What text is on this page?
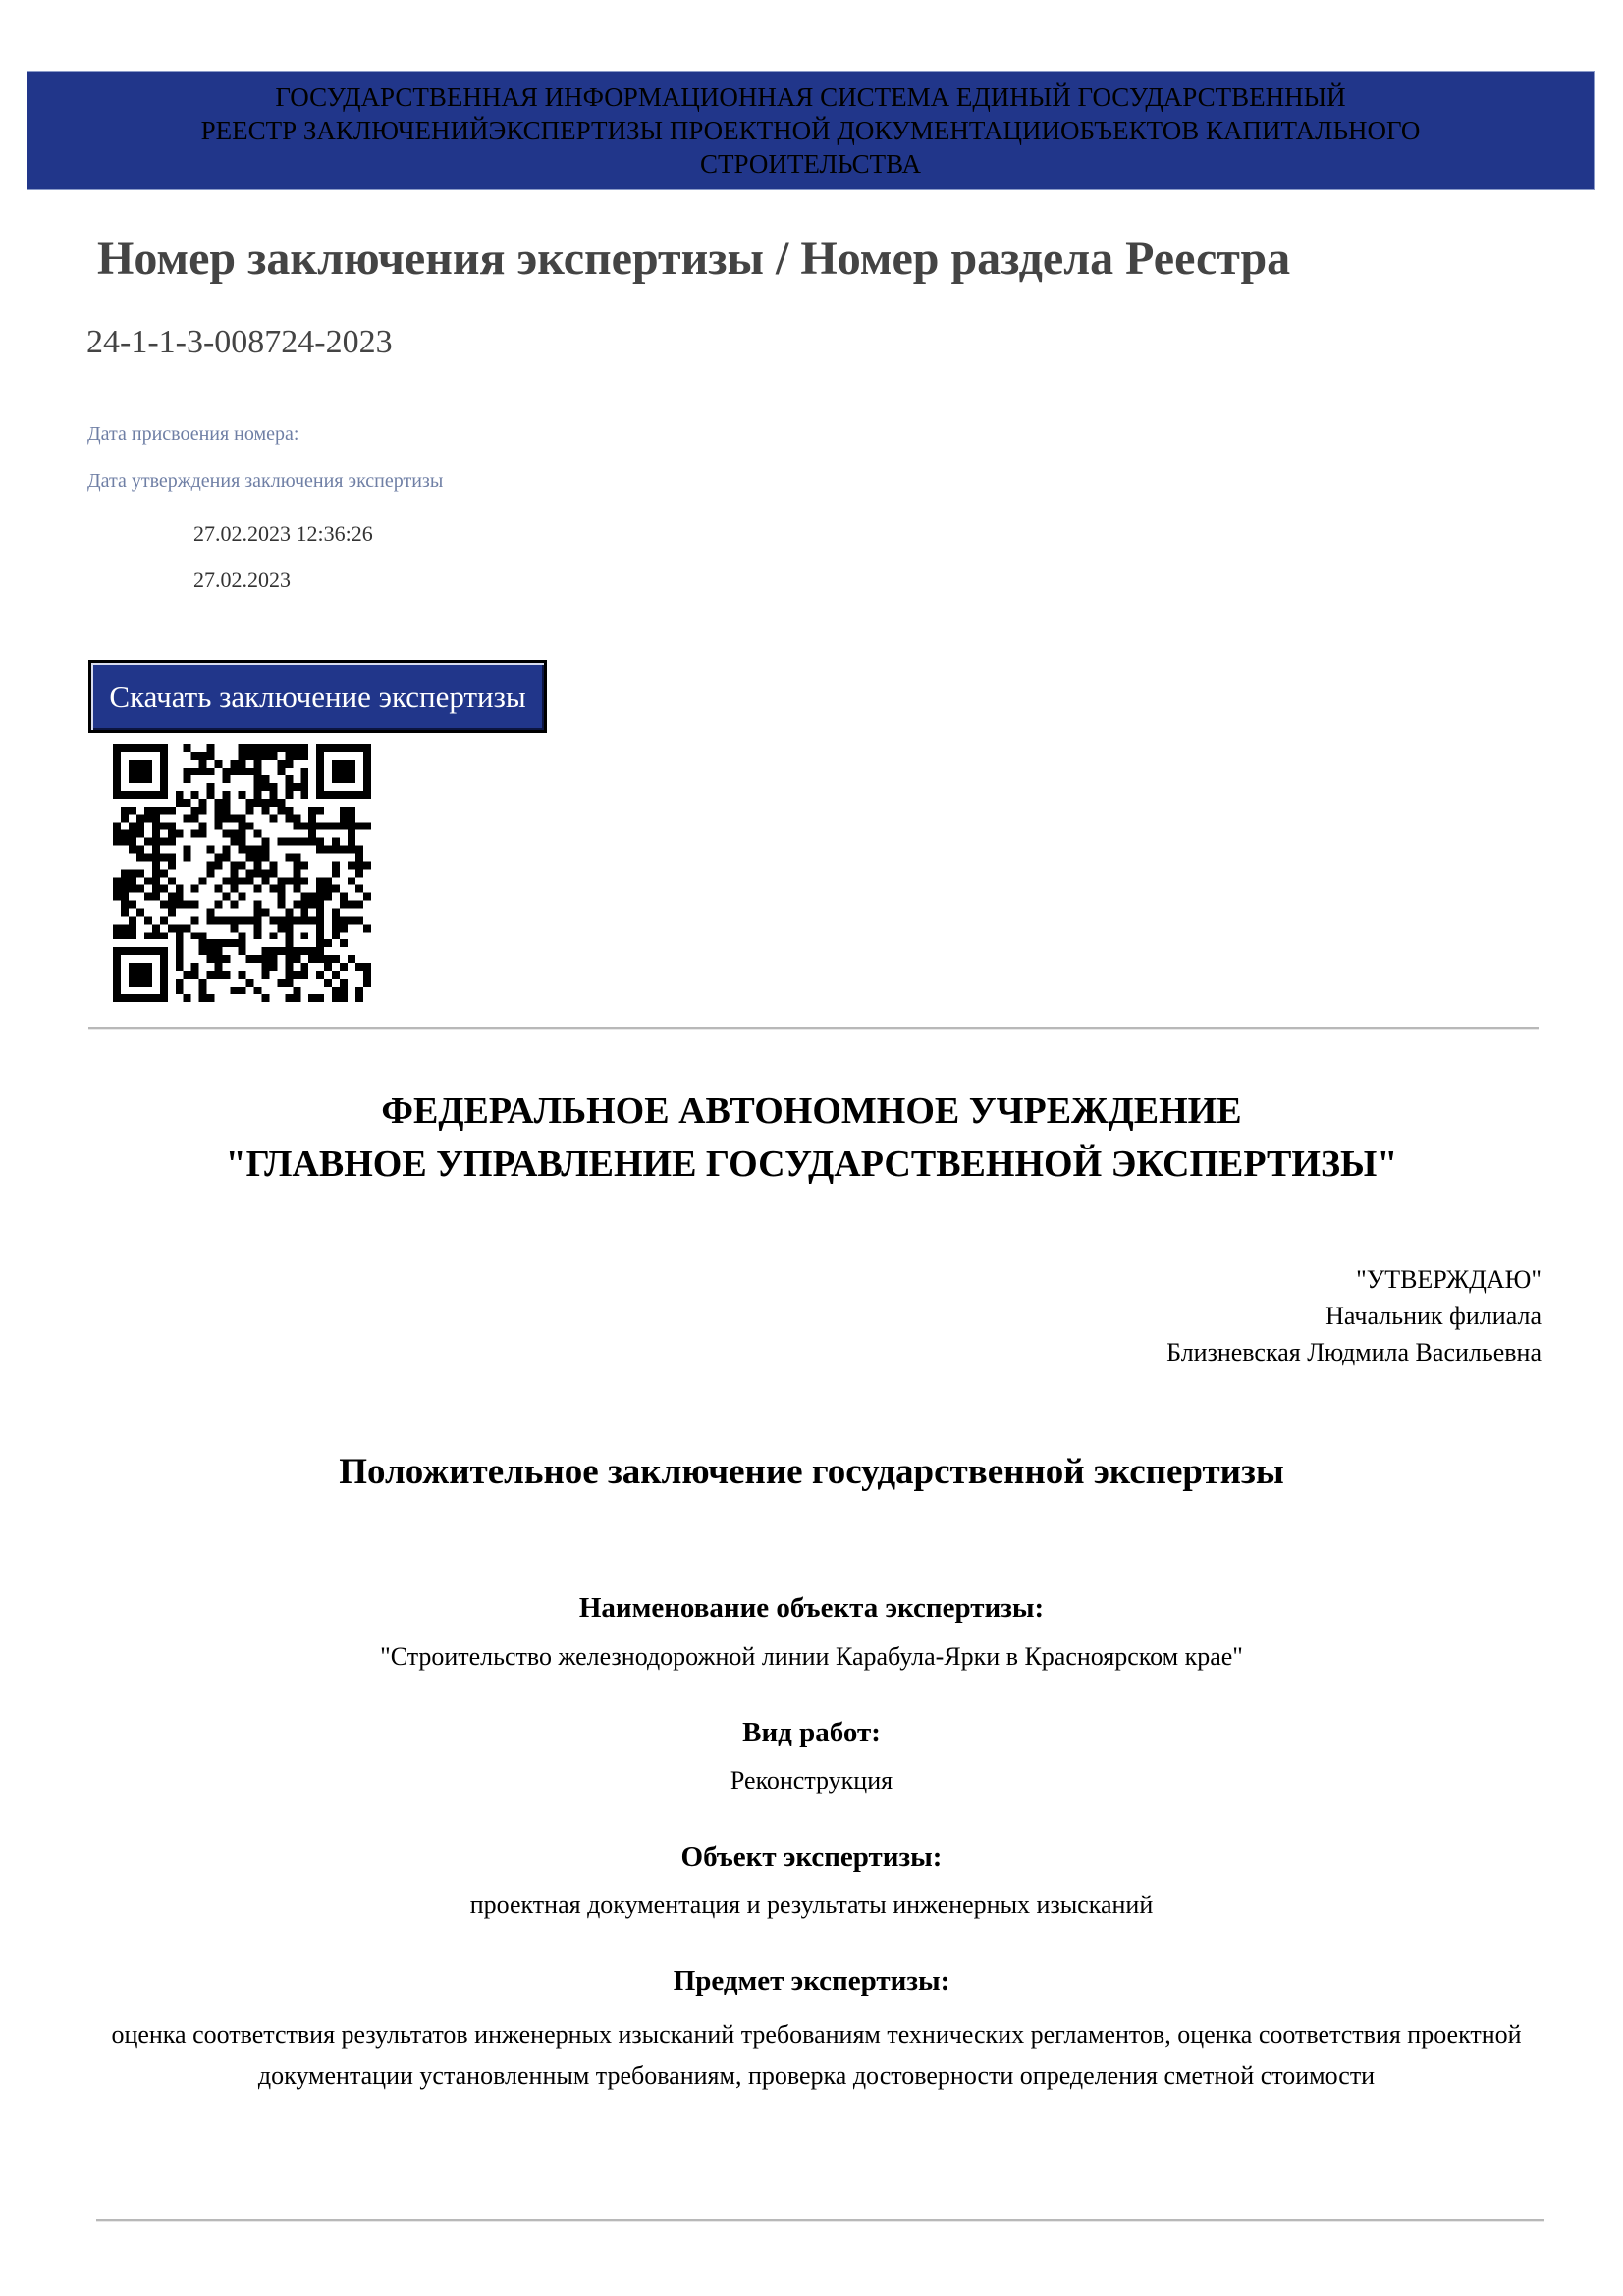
ГОСУДАРСТВЕННАЯ ИНФОРМАЦИОННАЯ СИСТЕМА ЕДИНЫЙ ГОСУДАРСТВЕННЫЙ
РЕЕСТР ЗАКЛЮЧЕНИЙЭКСПЕРТИЗЫ ПРОЕКТНОЙ ДОКУМЕНТАЦИИОБЪЕКТОВ КАПИТАЛЬНОГО
СТРОИТЕЛЬСТВА
Номер заключения экспертизы / Номер раздела Реестра
24-1-1-3-008724-2023
Дата присвоения номера:
Дата утверждения заключения экспертизы
27.02.2023 12:36:26
27.02.2023
Скачать заключение экспертизы
ФЕДЕРАЛЬНОЕ АВТОНОМНОЕ УЧРЕЖДЕНИЕ
"ГЛАВНОЕ УПРАВЛЕНИЕ ГОСУДАРСТВЕННОЙ ЭКСПЕРТИЗЫ"
"УТВЕРЖДАЮ"
Начальник филиала
Близневская Людмила Васильевна
Положительное заключение государственной экспертизы
Наименование объекта экспертизы:
"Строительство железнодорожной линии Карабула-Ярки в Красноярском крае"
Вид работ:
Реконструкция
Объект экспертизы:
проектная документация и результаты инженерных изысканий
Предмет экспертизы:
оценка соответствия результатов инженерных изысканий требованиям технических регламентов, оценка соответствия проектной документации установленным требованиям, проверка достоверности определения сметной стоимости
